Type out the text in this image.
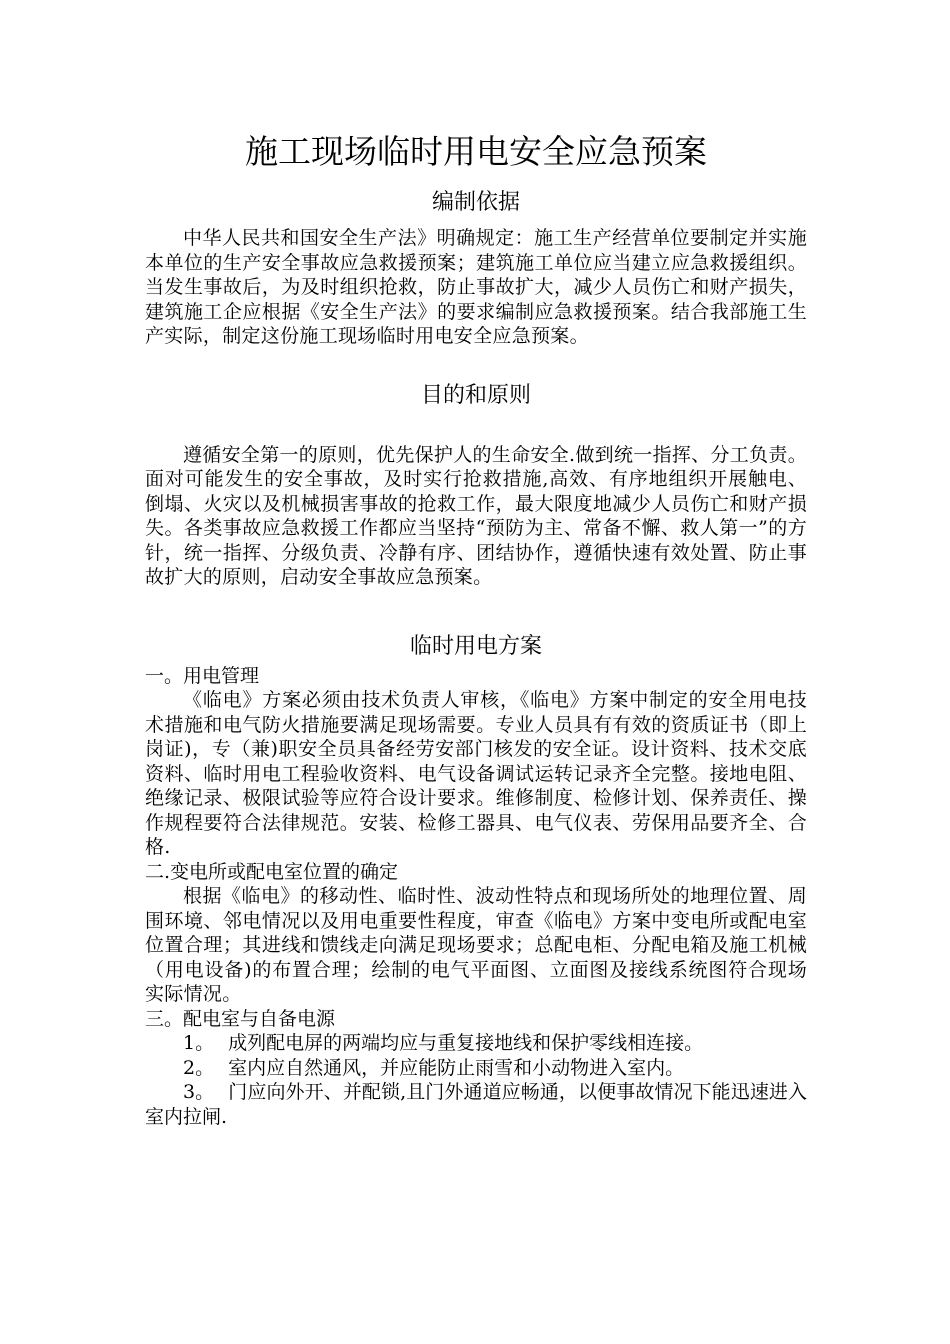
施工现场临时用电安全应急预案
编制依据

中华人民共和国安全生产法》明确规定：施工生产经营单位要制定并实施本单位的生产安全事故应急救援预案；建筑施工单位应当建立应急救援组织。当发生事故后，为及时组织抢救，防止事故扩大，减少人员伤亡和财产损失，建筑施工企应根据《安全生产法》的要求编制应急救援预案。结合我部施工生产实际，制定这份施工现场临时用电安全应急预案。

目的和原则

遵循安全第一的原则，优先保护人的生命安全.做到统一指挥、分工负责。面对可能发生的安全事故，及时实行抢救措施,高效、有序地组织开展触电、倒塌、火灾以及机械损害事故的抢救工作，最大限度地减少人员伤亡和财产损失。各类事故应急救援工作都应当坚持“预防为主、常备不懈、救人第一”的方针，统一指挥、分级负责、冷静有序、团结协作，遵循快速有效处置、防止事故扩大的原则，启动安全事故应急预案。

临时用电方案

一。用电管理

《临电》方案必须由技术负责人审核，《临电》方案中制定的安全用电技术措施和电气防火措施要满足现场需要。专业人员具有有效的资质证书（即上岗证)，专（兼)职安全员具备经劳安部门核发的安全证。设计资料、技术交底资料、临时用电工程验收资料、电气设备调试运转记录齐全完整。接地电阻、绝缘记录、极限试验等应符合设计要求。维修制度、检修计划、保养责任、操作规程要符合法律规范。安装、检修工器具、电气仪表、劳保用品要齐全、合格.

二.变电所或配电室位置的确定

根据《临电》的移动性、临时性、波动性特点和现场所处的地理位置、周围环境、邻电情况以及用电重要性程度，审查《临电》方案中变电所或配电室位置合理；其进线和馈线走向满足现场要求；总配电柜、分配电箱及施工机械（用电设备)的布置合理；绘制的电气平面图、立面图及接线系统图符合现场实际情况。

三。配电室与自备电源

1。 成列配电屏的两端均应与重复接地线和保护零线相连接。

2。 室内应自然通风，并应能防止雨雪和小动物进入室内。

3。 门应向外开、并配锁,且门外通道应畅通，以便事故情况下能迅速进入室内拉闸.
